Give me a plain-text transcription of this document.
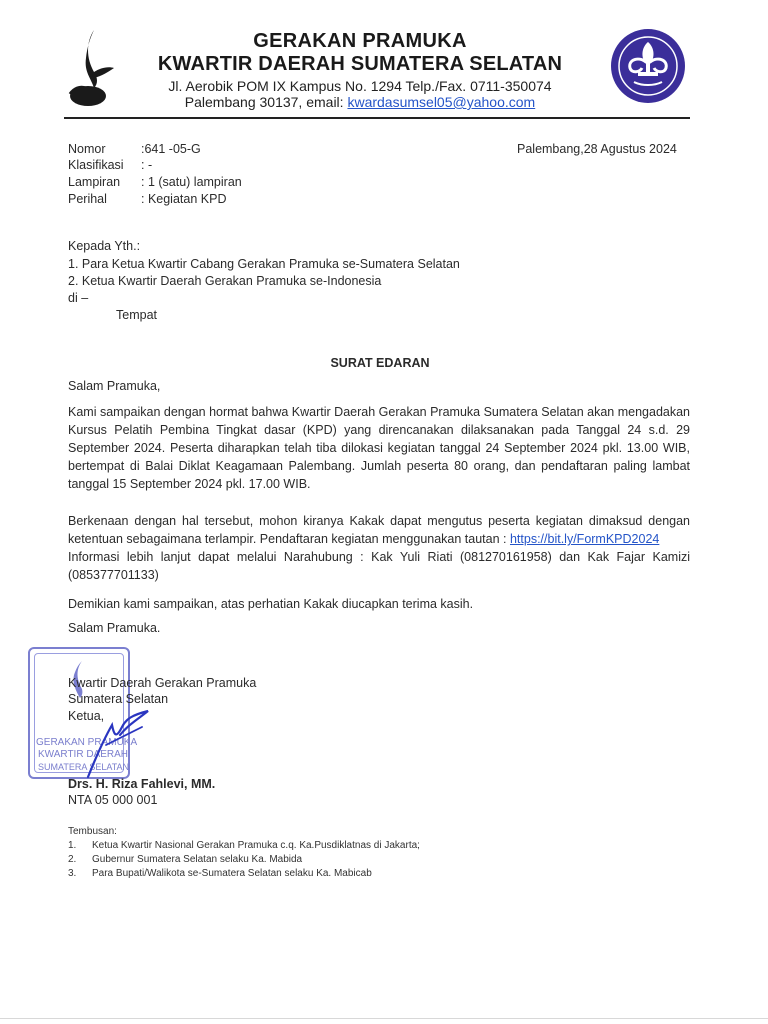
GERAKAN PRAMUKA
KWARTIR DAERAH SUMATERA SELATAN
Jl. Aerobik POM IX Kampus No. 1294 Telp./Fax. 0711-350074
Palembang 30137, email: kwardasumsel05@yahoo.com
Nomor	:641 -05-G
Klasifikasi : -
Lampiran : 1 (satu) lampiran
Perihal	: Kegiatan KPD
Palembang,28 Agustus 2024
Kepada Yth.:
1. Para Ketua Kwartir Cabang Gerakan Pramuka se-Sumatera Selatan
2. Ketua Kwartir Daerah Gerakan Pramuka se-Indonesia
di –
Tempat
SURAT EDARAN
Salam Pramuka,
Kami sampaikan dengan hormat bahwa Kwartir Daerah Gerakan Pramuka Sumatera Selatan akan mengadakan Kursus Pelatih Pembina Tingkat dasar (KPD) yang direncanakan dilaksanakan pada Tanggal 24 s.d. 29 September 2024. Peserta diharapkan telah tiba dilokasi kegiatan tanggal 24 September 2024 pkl. 13.00 WIB, bertempat di Balai Diklat Keagamaan Palembang. Jumlah peserta 80 orang, dan pendaftaran paling lambat tanggal 15 September 2024 pkl. 17.00 WIB.
Berkenaan dengan hal tersebut, mohon kiranya Kakak dapat mengutus peserta kegiatan dimaksud dengan ketentuan sebagaimana terlampir. Pendaftaran kegiatan menggunakan tautan : https://bit.ly/FormKPD2024
Informasi lebih lanjut dapat melalui Narahubung : Kak Yuli Riati (081270161958) dan Kak Fajar Kamizi (085377701133)
Demikian kami sampaikan, atas perhatian Kakak diucapkan terima kasih.
Salam Pramuka.
GERAKAN PRAMUKA
KWARTIR DAERAH
SUMATERA SELATAN
Kwartir Daerah Gerakan Pramuka
Sumatera Selatan
Ketua,
Drs. H. Riza Fahlevi, MM.
NTA 05 000 001
Tembusan:
1. Ketua Kwartir Nasional Gerakan Pramuka c.q. Ka.Pusdiklatnas di Jakarta;
2. Gubernur Sumatera Selatan selaku Ka. Mabida
3. Para Bupati/Walikota se-Sumatera Selatan selaku Ka. Mabicab
